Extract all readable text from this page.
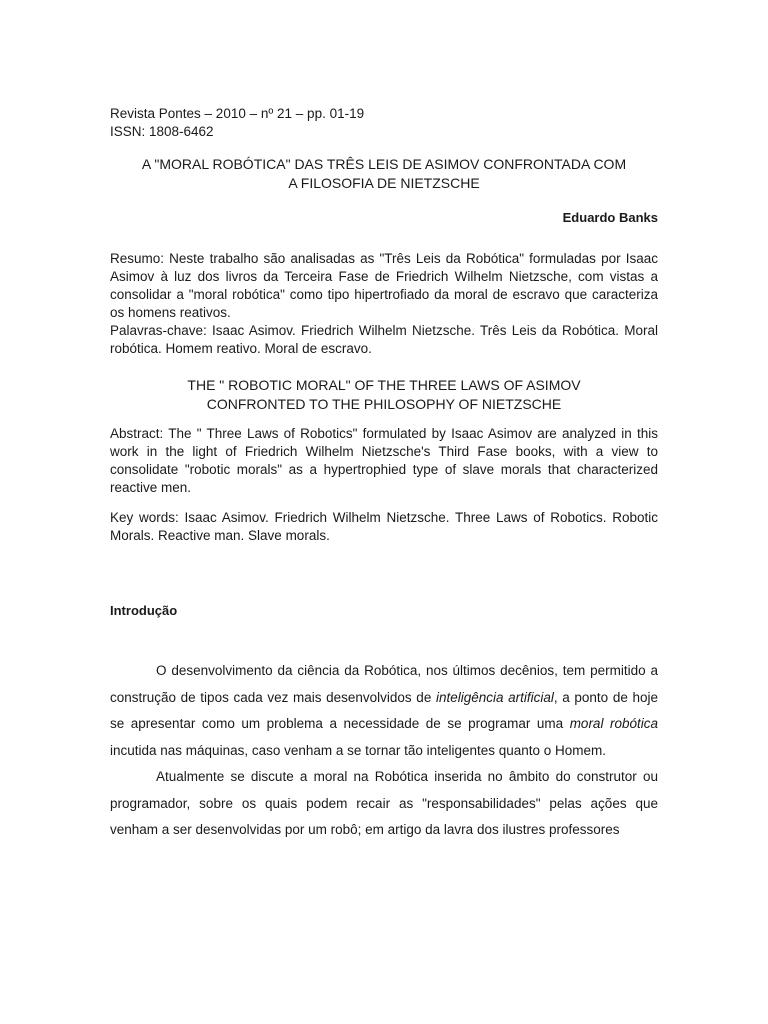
Revista Pontes – 2010 – nº 21 – pp. 01-19

ISSN: 1808-6462

A "MORAL ROBÓTICA" DAS TRÊS LEIS DE ASIMOV CONFRONTADA COM

A FILOSOFIA DE NIETZSCHE

Eduardo Banks

Resumo: Neste trabalho são analisadas as "Três Leis da Robótica" formuladas por Isaac Asimov à luz dos livros da Terceira Fase de Friedrich Wilhelm Nietzsche, com vistas a consolidar a "moral robótica" como tipo hipertrofiado da moral de escravo que caracteriza os homens reativos.

Palavras-chave: Isaac Asimov. Friedrich Wilhelm Nietzsche. Três Leis da Robótica. Moral robótica. Homem reativo. Moral de escravo.

THE " ROBOTIC MORAL" OF THE THREE LAWS OF ASIMOV

CONFRONTED TO THE PHILOSOPHY OF NIETZSCHE

Abstract: The " Three Laws of Robotics" formulated by Isaac Asimov are analyzed in this work in the light of Friedrich Wilhelm Nietzsche's Third Fase books, with a view to consolidate "robotic morals" as a hypertrophied type of slave morals that characterized reactive men.

Key words: Isaac Asimov. Friedrich Wilhelm Nietzsche. Three Laws of Robotics. Robotic Morals. Reactive man. Slave morals.

Introdução

O desenvolvimento da ciência da Robótica, nos últimos decênios, tem permitido a construção de tipos cada vez mais desenvolvidos de inteligência artificial, a ponto de hoje se apresentar como um problema a necessidade de se programar uma moral robótica incutida nas máquinas, caso venham a se tornar tão inteligentes quanto o Homem.

Atualmente se discute a moral na Robótica inserida no âmbito do construtor ou programador, sobre os quais podem recair as "responsabilidades" pelas ações que venham a ser desenvolvidas por um robô; em artigo da lavra dos ilustres professores
